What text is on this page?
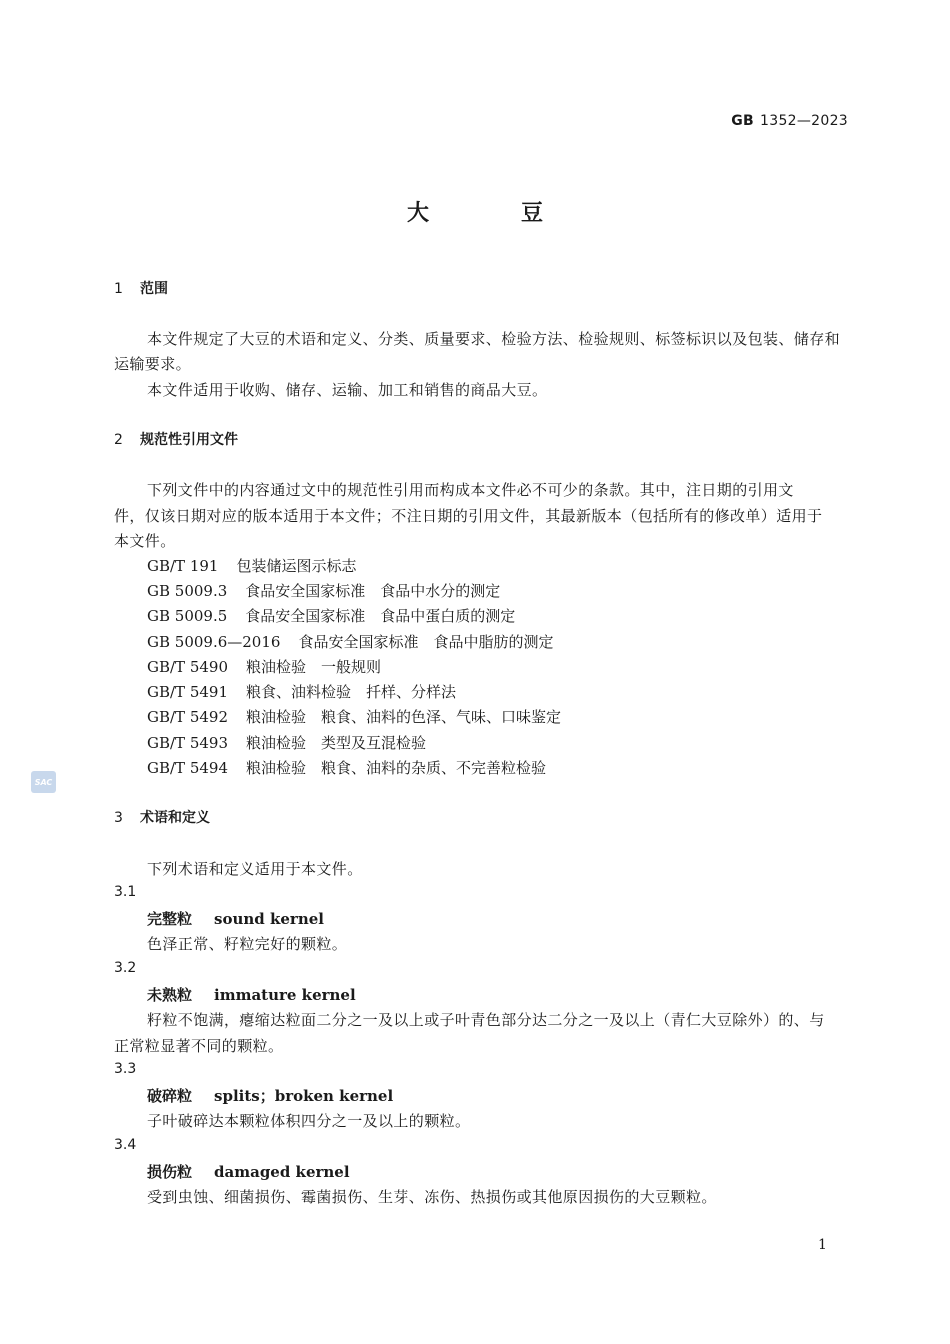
GB 1352—2023
大	豆
1 范围
本文件规定了大豆的术语和定义、分类、质量要求、检验方法、检验规则、标签标识以及包装、储存和
运输要求。
本文件适用于收购、储存、运输、加工和销售的商品大豆。
2 规范性引用文件
下列文件中的内容通过文中的规范性引用而构成本文件必不可少的条款。其中，注日期的引用文
件，仅该日期对应的版本适用于本文件；不注日期的引用文件，其最新版本（包括所有的修改单）适用于
本文件。
GB/T 191 包装储运图示标志
GB 5009.3 食品安全国家标准　食品中水分的测定
GB 5009.5 食品安全国家标准　食品中蛋白质的测定
GB 5009.6—2016 食品安全国家标准　食品中脂肪的测定
GB/T 5490 粮油检验　一般规则
GB/T 5491 粮食、油料检验　扦样、分样法
GB/T 5492 粮油检验　粮食、油料的色泽、气味、口味鉴定
GB/T 5493 粮油检验　类型及互混检验
GB/T 5494 粮油检验　粮食、油料的杂质、不完善粒检验
SAC
3 术语和定义
下列术语和定义适用于本文件。
3.1
完整粒 sound kernel
色泽正常、籽粒完好的颗粒。
3.2
未熟粒 immature kernel
籽粒不饱满，瘪缩达粒面二分之一及以上或子叶青色部分达二分之一及以上（青仁大豆除外）的、与
正常粒显著不同的颗粒。
3.3
破碎粒 splits；broken kernel
子叶破碎达本颗粒体积四分之一及以上的颗粒。
3.4
损伤粒 damaged kernel
受到虫蚀、细菌损伤、霉菌损伤、生芽、冻伤、热损伤或其他原因损伤的大豆颗粒。
1
